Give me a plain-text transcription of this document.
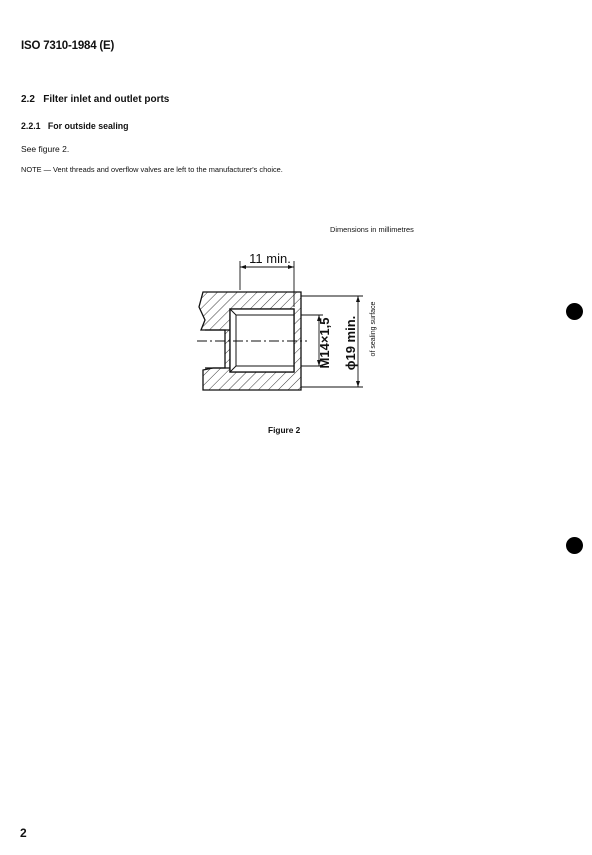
ISO 7310-1984 (E)
2.2   Filter inlet and outlet ports
2.2.1   For outside sealing
See figure 2.
NOTE — Vent threads and overflow valves are left to the manufacturer's choice.
Dimensions in millimetres
11 min.
M14×1,5 ϕ19 min. of sealing surface
Figure 2
2
